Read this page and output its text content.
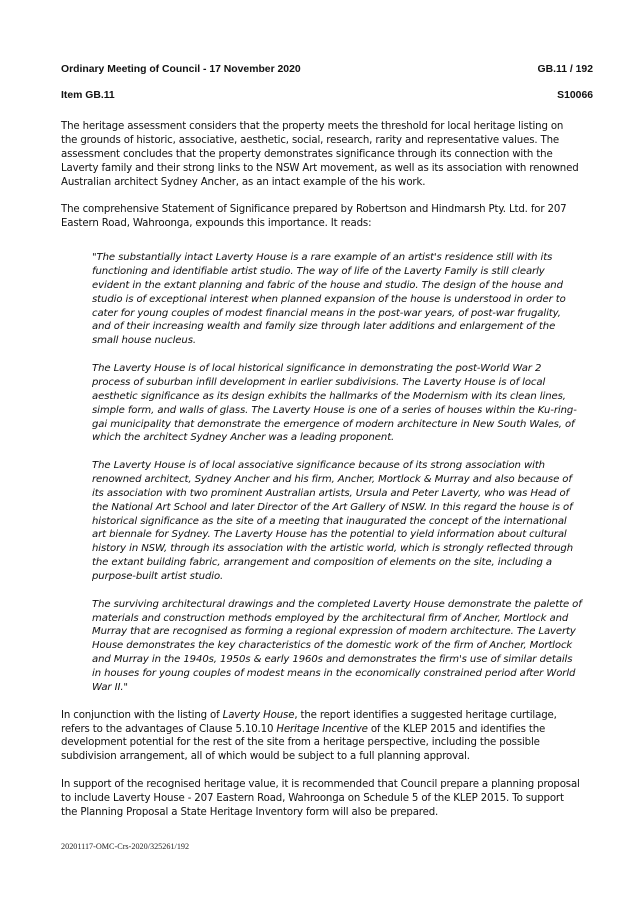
Ordinary Meeting of Council - 17 November 2020	GB.11 / 192
Item GB.11	S10066

The heritage assessment considers that the property meets the threshold for local heritage listing on the grounds of historic, associative, aesthetic, social, research, rarity and representative values. The assessment concludes that the property demonstrates significance through its connection with the Laverty family and their strong links to the NSW Art movement, as well as its association with renowned Australian architect Sydney Ancher, as an intact example of the his work.

The comprehensive Statement of Significance prepared by Robertson and Hindmarsh Pty. Ltd. for 207 Eastern Road, Wahroonga, expounds this importance. It reads:

"The substantially intact Laverty House is a rare example of an artist's residence still with its functioning and identifiable artist studio. The way of life of the Laverty Family is still clearly evident in the extant planning and fabric of the house and studio. The design of the house and studio is of exceptional interest when planned expansion of the house is understood in order to cater for young couples of modest financial means in the post-war years, of post-war frugality, and of their increasing wealth and family size through later additions and enlargement of the small house nucleus.

The Laverty House is of local historical significance in demonstrating the post-World War 2 process of suburban infill development in earlier subdivisions. The Laverty House is of local aesthetic significance as its design exhibits the hallmarks of the Modernism with its clean lines, simple form, and walls of glass. The Laverty House is one of a series of houses within the Ku-ring-gai municipality that demonstrate the emergence of modern architecture in New South Wales, of which the architect Sydney Ancher was a leading proponent.

The Laverty House is of local associative significance because of its strong association with renowned architect, Sydney Ancher and his firm, Ancher, Mortlock & Murray and also because of its association with two prominent Australian artists, Ursula and Peter Laverty, who was Head of the National Art School and later Director of the Art Gallery of NSW. In this regard the house is of historical significance as the site of a meeting that inaugurated the concept of the international art biennale for Sydney. The Laverty House has the potential to yield information about cultural history in NSW, through its association with the artistic world, which is strongly reflected through the extant building fabric, arrangement and composition of elements on the site, including a purpose-built artist studio.

The surviving architectural drawings and the completed Laverty House demonstrate the palette of materials and construction methods employed by the architectural firm of Ancher, Mortlock and Murray that are recognised as forming a regional expression of modern architecture. The Laverty House demonstrates the key characteristics of the domestic work of the firm of Ancher, Mortlock and Murray in the 1940s, 1950s & early 1960s and demonstrates the firm's use of similar details in houses for young couples of modest means in the economically constrained period after World War II."

In conjunction with the listing of Laverty House, the report identifies a suggested heritage curtilage, refers to the advantages of Clause 5.10.10 Heritage Incentive of the KLEP 2015 and identifies the development potential for the rest of the site from a heritage perspective, including the possible subdivision arrangement, all of which would be subject to a full planning approval.

In support of the recognised heritage value, it is recommended that Council prepare a planning proposal to include Laverty House - 207 Eastern Road, Wahroonga on Schedule 5 of the KLEP 2015. To support the Planning Proposal a State Heritage Inventory form will also be prepared.

20201117-OMC-Crs-2020/325261/192
